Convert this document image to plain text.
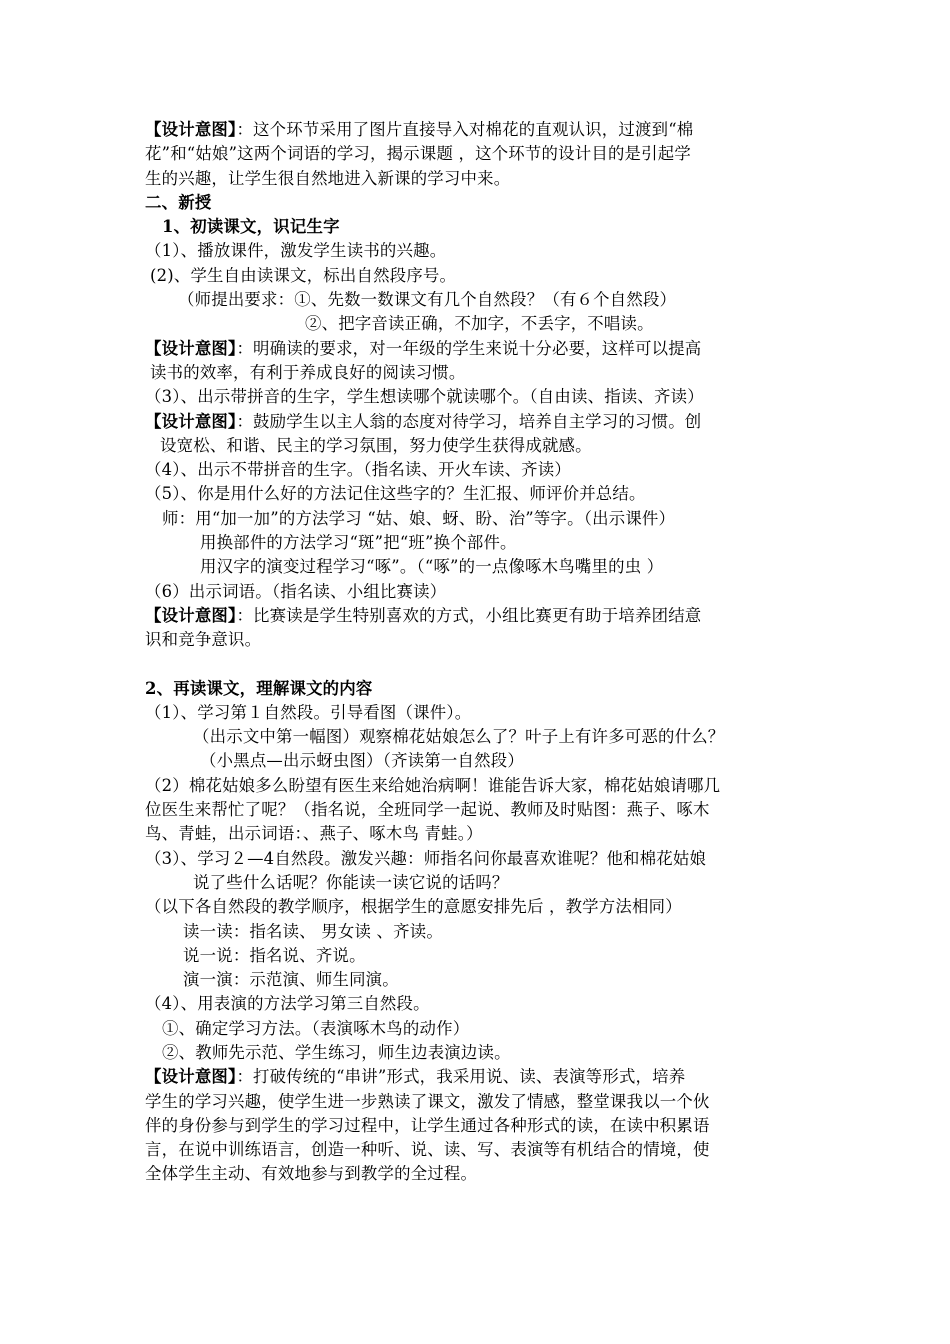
【设计意图】：这个环节采用了图片直接导入对棉花的直观认识，过渡到“棉
花”和“姑娘”这两个词语的学习，揭示课题 ，这个环节的设计目的是引起学
生的兴趣，让学生很自然地进入新课的学习中来。
二、新授
1、初读课文，识记生字
（1）、播放课件，激发学生读书的兴趣。
(2)、学生自由读课文，标出自然段序号。
（师提出要求：①、先数一数课文有几个自然段？（有６个自然段）
②、把字音读正确，不加字，不丢字，不唱读。
【设计意图】：明确读的要求，对一年级的学生来说十分必要，这样可以提高
读书的效率，有利于养成良好的阅读习惯。
（3）、出示带拼音的生字，学生想读哪个就读哪个。（自由读、指读、齐读）
【设计意图】：鼓励学生以主人翁的态度对待学习，培养自主学习的习惯。创
设宽松、和谐、民主的学习氛围，努力使学生获得成就感。
（4）、出示不带拼音的生字。（指名读、开火车读、齐读）
（5）、你是用什么好的方法记住这些字的？生汇报、师评价并总结。
师：用“加一加”的方法学习 “姑、娘、蚜、盼、治”等字。（出示课件）
用换部件的方法学习“斑”把“班”换个部件。
用汉字的演变过程学习“啄”。（“啄”的一点像啄木鸟嘴里的虫 ）
（6）出示词语。（指名读、小组比赛读）
【设计意图】：比赛读是学生特别喜欢的方式，小组比赛更有助于培养团结意
识和竞争意识。
2、再读课文，理解课文的内容
（1）、学习第１自然段。引导看图（课件）。
（出示文中第一幅图）观察棉花姑娘怎么了？叶子上有许多可恶的什么？
（小黑点—出示蚜虫图）（齐读第一自然段）
（2）棉花姑娘多么盼望有医生来给她治病啊！谁能告诉大家，棉花姑娘请哪几
位医生来帮忙了呢？（指名说，全班同学一起说、教师及时贴图：燕子、啄木
鸟、青蛙，出示词语：、燕子、啄木鸟 青蛙。）
（3）、学习２—4自然段。激发兴趣：师指名问你最喜欢谁呢？他和棉花姑娘
说了些什么话呢？你能读一读它说的话吗？
（以下各自然段的教学顺序，根据学生的意愿安排先后 ，教学方法相同）
读一读：指名读、 男女读 、齐读。
说一说：指名说、齐说。
演一演：示范演、师生同演。
（4）、用表演的方法学习第三自然段。
①、确定学习方法。（表演啄木鸟的动作）
②、教师先示范、学生练习，师生边表演边读。
【设计意图】：打破传统的“串讲”形式，我采用说、读、表演等形式，培养
学生的学习兴趣，使学生进一步熟读了课文，激发了情感，整堂课我以一个伙
伴的身份参与到学生的学习过程中，让学生通过各种形式的读，在读中积累语
言，在说中训练语言，创造一种听、说、读、写、表演等有机结合的情境，使
全体学生主动、有效地参与到教学的全过程。
